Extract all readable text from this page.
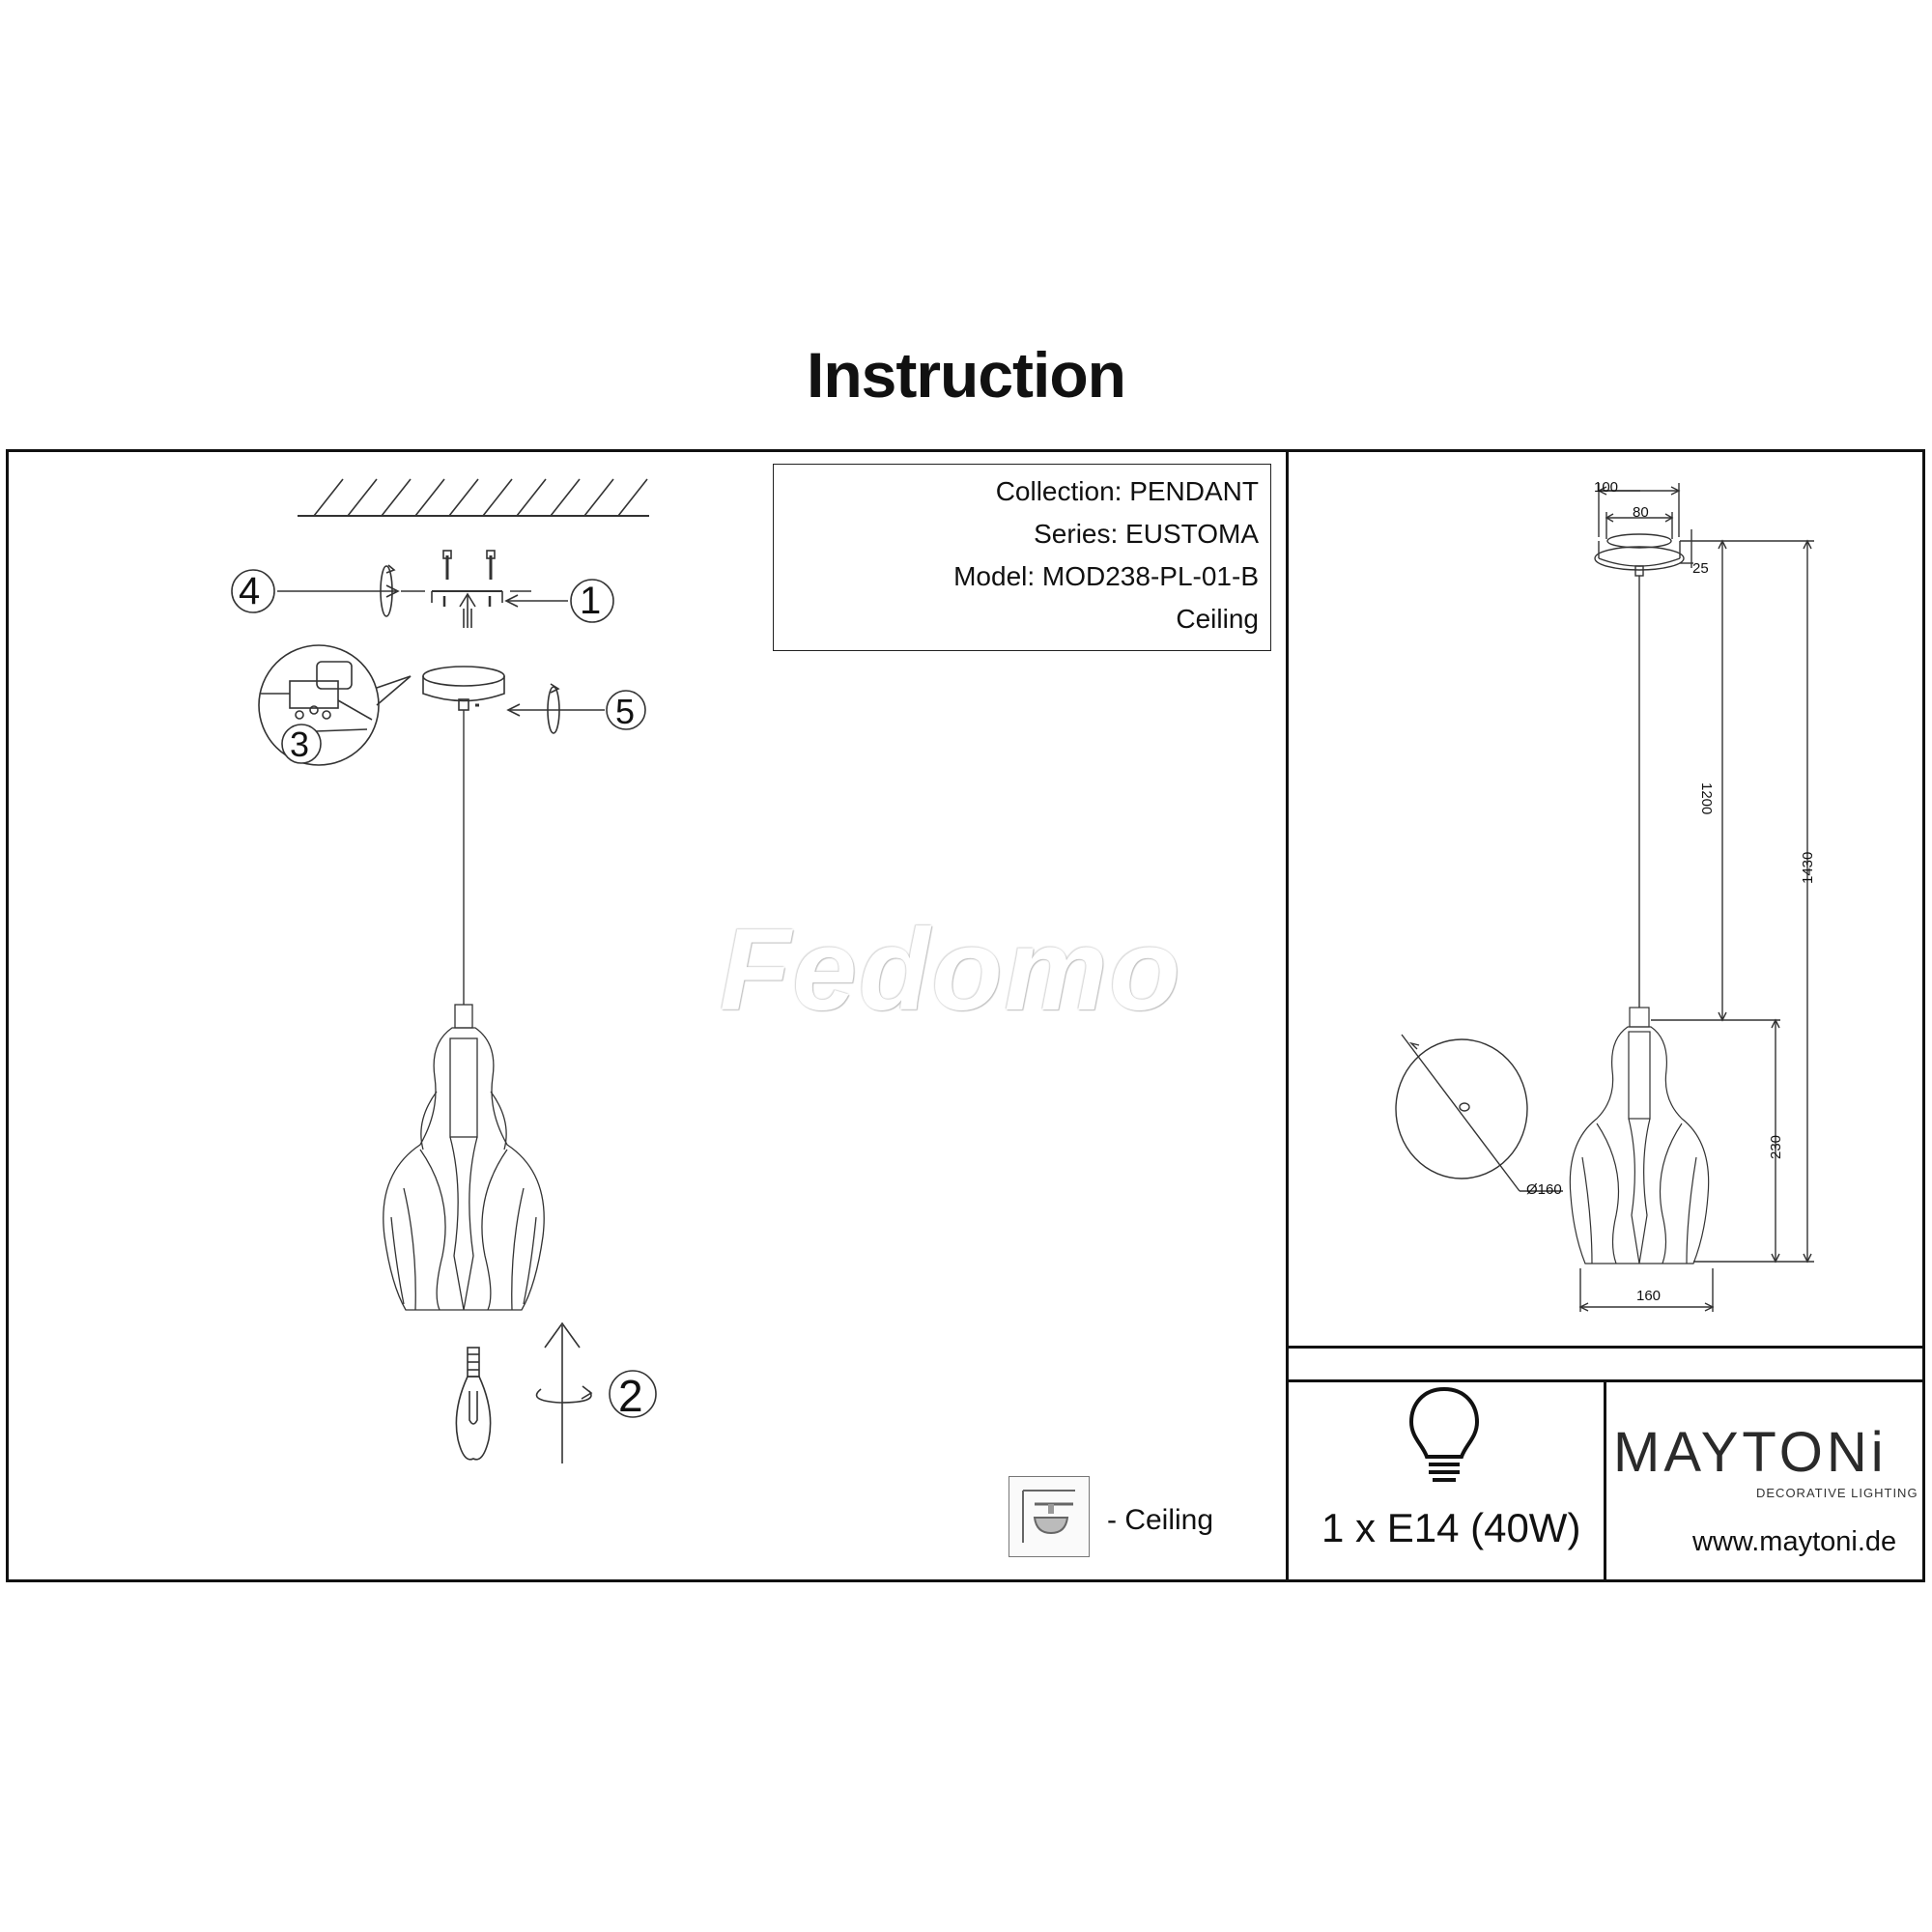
Instruction
Collection: PENDANT
Series: EUSTOMA
Model: MOD238-PL-01-B
Ceiling
Fedomo
4	1
5
3
2
- Ceiling
100
80
25
1200
1430
230
160
Ø160
1 x E14 (40W)
MAYTONi
DECORATIVE LIGHTING
www.maytoni.de
